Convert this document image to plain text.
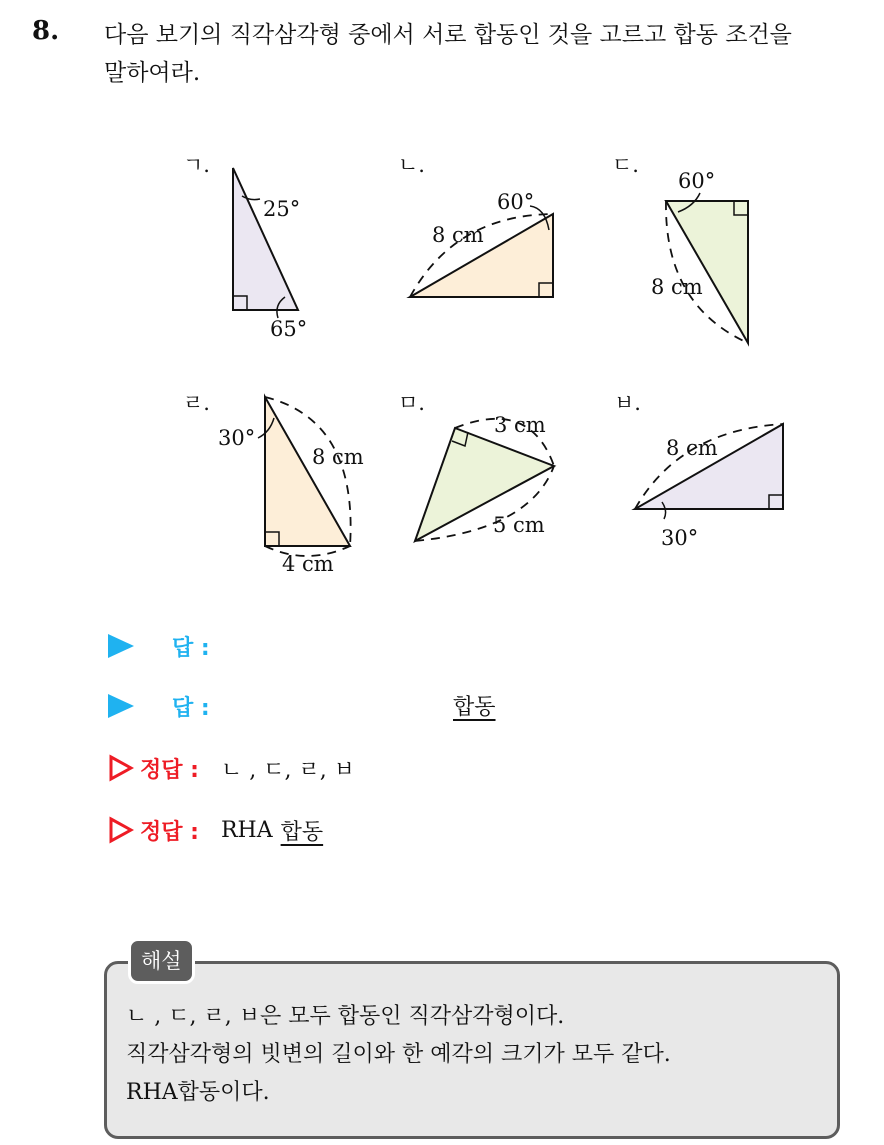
8. 다음 보기의 직각삼각형 중에서 서로 합동인 것을 고르고 합동 조건을
말하여라.
ㄱ.
25°
65°
ㄴ.
60°
8 cm
ㄷ.
60°
8 cm
ㄹ.
30°
8 cm
4 cm
ㅁ.
3 cm
5 cm
ㅂ.
8 cm
30°
답 :
답 :	합동
정답 : ㄴ , ㄷ, ㄹ, ㅂ
정답 : RHA 합동
해설
ㄴ , ㄷ, ㄹ, ㅂ은 모두 합동인 직각삼각형이다.
직각삼각형의 빗변의 길이와 한 예각의 크기가 모두 같다.
RHA합동이다.
